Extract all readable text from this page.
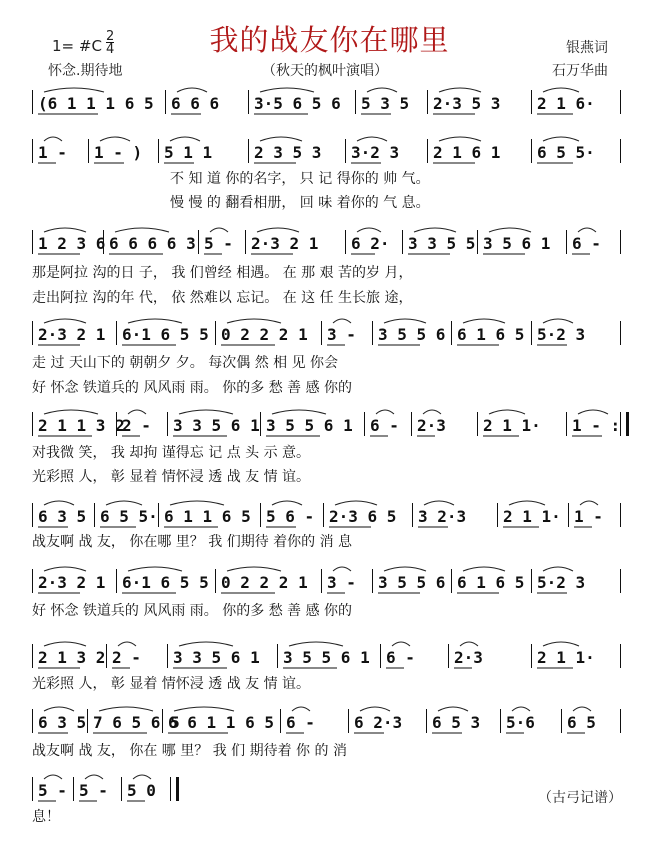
我的战友你在哪里
1= #C
2
4
怀念.期待地	（秋天的枫叶演唱）
银燕词
石万华曲
(6 1 1 1 6 5 6 6 6 3·5 6 5 6 5 3 5 2·3 5 3 2 1 6·
1 - 1 - ) 5 1 1	2 3 5 3 3·2 3 2 1 6 1 6 5 5·
不 知 道 你的名字， 只 记 得你的 帅 气。
慢 慢 的 翻看相册， 回 味 着你的 气 息。
1 2 3 6 6 6 6 6 3 5 - 2·3 2 1 6 2· 3 3 5 5 3 5 6 1 6 -
那是阿拉 沟的日 子， 我 们曾经 相遇。 在 那 艰 苦的岁 月，
走出阿拉 沟的年 代， 依 然难以 忘记。 在 这 任 生长旅 途，
2·3 2 1 6·1 6 5 5 0 2 2 2 1 3 - 3 5 5 6 6 1 6 5 5·2 3
走 过 天山下的 朝朝夕 夕。 每次偶 然 相 见 你会
好 怀念 铁道兵的 风风雨 雨。 你的多 愁 善 感 你的
2 1 1 3 2
2 - 3 3 5 6 1 3 5 5 6 1 6 - 2·3 2 1 1· 1 - :
对我微 笑， 我 却拘 谨得忘 记 点 头 示 意。
光彩照 人， 彰 显着 情怀浸 透 战 友 情 谊。
6 3 5 6 5 5· 6 1 1 6 5 5 6 - 2·3 6 5 3 2·3 2 1 1· 1 -
战友啊 战 友， 你在哪 里？ 我 们期待 着你的 消 息
2·3 2 1 6·1 6 5 5 0 2 2 2 1 3 - 3 5 5 6 6 1 6 5 5·2 3
好 怀念 铁道兵的 风风雨 雨。 你的多 愁 善 感 你的
2 1 3 2 2 - 3 3 5 6 1 3 5 5 6 1 6 - 2·3	2 1 1·
光彩照 人， 彰 显着 情怀浸 透 战 友 情 谊。
6 3 5 7 6 5 6 5
6 6 1 1 6 5 6 - 6 2·3 6 5 3 5·6 6 5
战友啊 战 友， 你在 哪 里？ 我 们 期待着 你 的 消
5 - 5 - 5 0
息！
（古弓记谱）
